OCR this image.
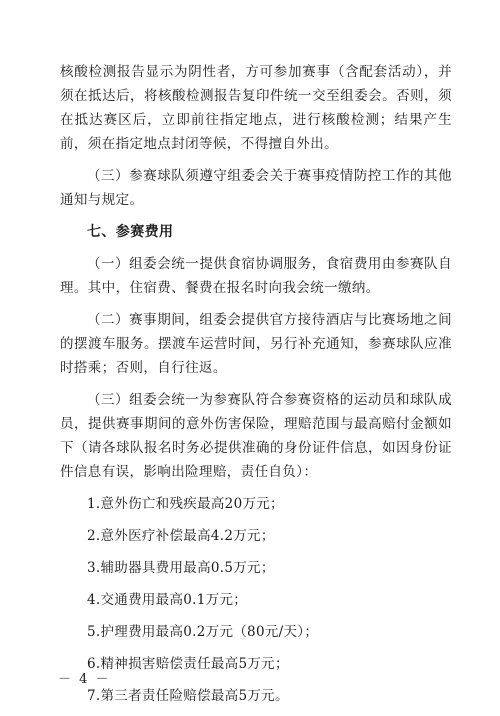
核酸检测报告显示为阴性者，方可参加赛事（含配套活动），并须在抵达后，将核酸检测报告复印件统一交至组委会。否则，须在抵达赛区后，立即前往指定地点，进行核酸检测；结果产生前，须在指定地点封闭等候，不得擅自外出。

（三）参赛球队须遵守组委会关于赛事疫情防控工作的其他通知与规定。

七、参赛费用

（一）组委会统一提供食宿协调服务，食宿费用由参赛队自理。其中，住宿费、餐费在报名时向我会统一缴纳。

（二）赛事期间，组委会提供官方接待酒店与比赛场地之间的摆渡车服务。摆渡车运营时间，另行补充通知，参赛球队应准时搭乘；否则，自行往返。

（三）组委会统一为参赛队符合参赛资格的运动员和球队成员，提供赛事期间的意外伤害保险，理赔范围与最高赔付金额如下（请各球队报名时务必提供准确的身份证件信息，如因身份证件信息有误，影响出险理赔，责任自负）：

1.意外伤亡和残疾最高20万元；
2.意外医疗补偿最高4.2万元；
3.辅助器具费用最高0.5万元；
4.交通费用最高0.1万元；
5.护理费用最高0.2万元（80元/天）；
6.精神损害赔偿责任最高5万元；
7.第三者责任险赔偿最高5万元。
－ 4 －
